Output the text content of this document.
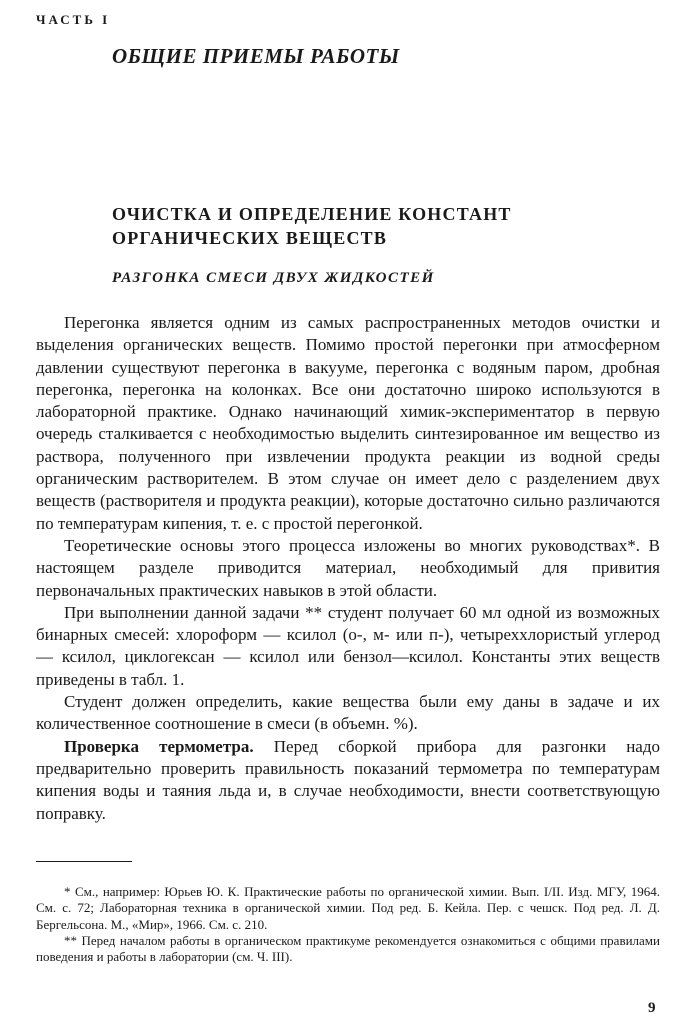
ЧАСТЬ I
ОБЩИЕ ПРИЕМЫ РАБОТЫ
ОЧИСТКА И ОПРЕДЕЛЕНИЕ КОНСТАНТ
ОРГАНИЧЕСКИХ ВЕЩЕСТВ
РАЗГОНКА СМЕСИ ДВУХ ЖИДКОСТЕЙ

Перегонка является одним из самых распространенных методов очистки и выделения органических веществ. Помимо простой перегонки при атмосферном давлении существуют перегонка в вакууме, перегонка с водяным паром, дробная перегонка, перегонка на колонках. Все они достаточно широко используются в лабораторной практике. Однако начинающий химик-экспериментатор в первую очередь сталкивается с необходимостью выделить синтезированное им вещество из раствора, полученного при извлечении продукта реакции из водной среды органическим растворителем. В этом случае он имеет дело с разделением двух веществ (растворителя и продукта реакции), которые достаточно сильно различаются по температурам кипения, т. е. с простой перегонкой.

Теоретические основы этого процесса изложены во многих руководствах*. В настоящем разделе приводится материал, необходимый для привития первоначальных практических навыков в этой области.

При выполнении данной задачи ** студент получает 60 мл одной из возможных бинарных смесей: хлороформ — ксилол (о-, м- или п-), четыреххлористый углерод — ксилол, циклогексан — ксилол или бензол—ксилол. Константы этих веществ приведены в табл. 1.

Студент должен определить, какие вещества были ему даны в задаче и их количественное соотношение в смеси (в объемн. %).

Проверка термометра. Перед сборкой прибора для разгонки надо предварительно проверить правильность показаний термометра по температурам кипения воды и таяния льда и, в случае необходимости, внести соответствующую поправку.

* См., например: Юрьев Ю. К. Практические работы по органической химии. Вып. I/II. Изд. МГУ, 1964. См. с. 72; Лабораторная техника в органической химии. Под ред. Б. Кейла. Пер. с чешск. Под ред. Л. Д. Бергельсона. М., «Мир», 1966. См. с. 210.

** Перед началом работы в органическом практикуме рекомендуется ознакомиться с общими правилами поведения и работы в лаборатории (см. Ч. III).

9
